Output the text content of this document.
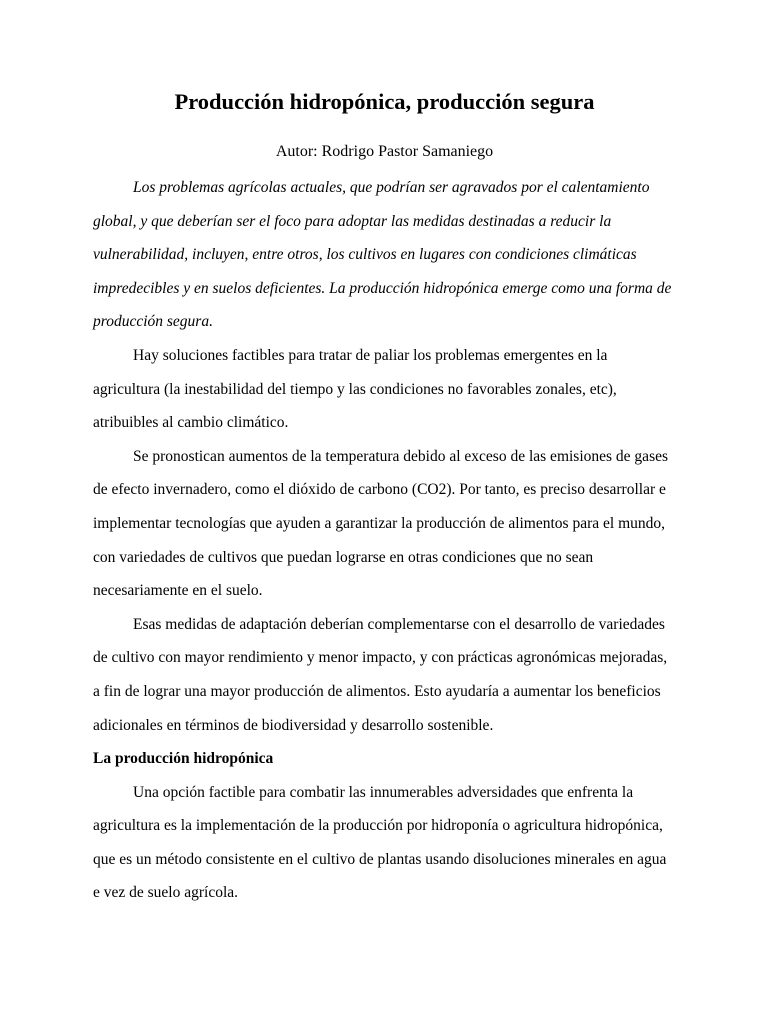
Producción hidropónica, producción segura
Autor: Rodrigo Pastor Samaniego
Los problemas agrícolas actuales, que podrían ser agravados por el calentamiento
global, y que deberían ser el foco para adoptar las medidas destinadas a reducir la
vulnerabilidad, incluyen, entre otros, los cultivos en lugares con condiciones climáticas
impredecibles y en suelos deficientes. La producción hidropónica emerge como una forma de
producción segura.
Hay soluciones factibles para tratar de paliar los problemas emergentes en la
agricultura (la inestabilidad del tiempo y las condiciones no favorables zonales, etc),
atribuibles al cambio climático.
Se pronostican aumentos de la temperatura debido al exceso de las emisiones de gases
de efecto invernadero, como el dióxido de carbono (CO2). Por tanto, es preciso desarrollar e
implementar tecnologías que ayuden a garantizar la producción de alimentos para el mundo,
con variedades de cultivos que puedan lograrse en otras condiciones que no sean
necesariamente en el suelo.
Esas medidas de adaptación deberían complementarse con el desarrollo de variedades
de cultivo con mayor rendimiento y menor impacto, y con prácticas agronómicas mejoradas,
a fin de lograr una mayor producción de alimentos. Esto ayudaría a aumentar los beneficios
adicionales en términos de biodiversidad y desarrollo sostenible.
La producción hidropónica
Una opción factible para combatir las innumerables adversidades que enfrenta la
agricultura es la implementación de la producción por hidroponía o agricultura hidropónica,
que es un método consistente en el cultivo de plantas usando disoluciones minerales en agua
e vez de suelo agrícola.
